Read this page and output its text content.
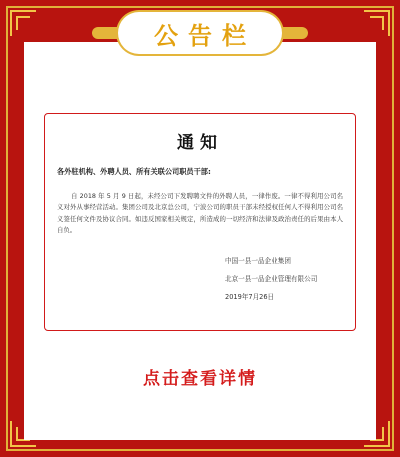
公告栏
通知
各外驻机构、外聘人员、所有关联公司职员干部:
自 2018 年 5 月 9 日起，未经公司下发聘聘文件的外聘人员，一律作废。一律不得利用公司名义对外从事经营活动。集团公司及北京总公司，宁波公司的职员干部未经授权任何人不得利用公司名义签任何文件及协议合同。如违反国家相关规定，所造成的一切经济和法律及政治责任的后果由本人自负。
中国一县一品企业集团
北京一县一品企业管理有限公司
2019年7月26日
点击查看详情
